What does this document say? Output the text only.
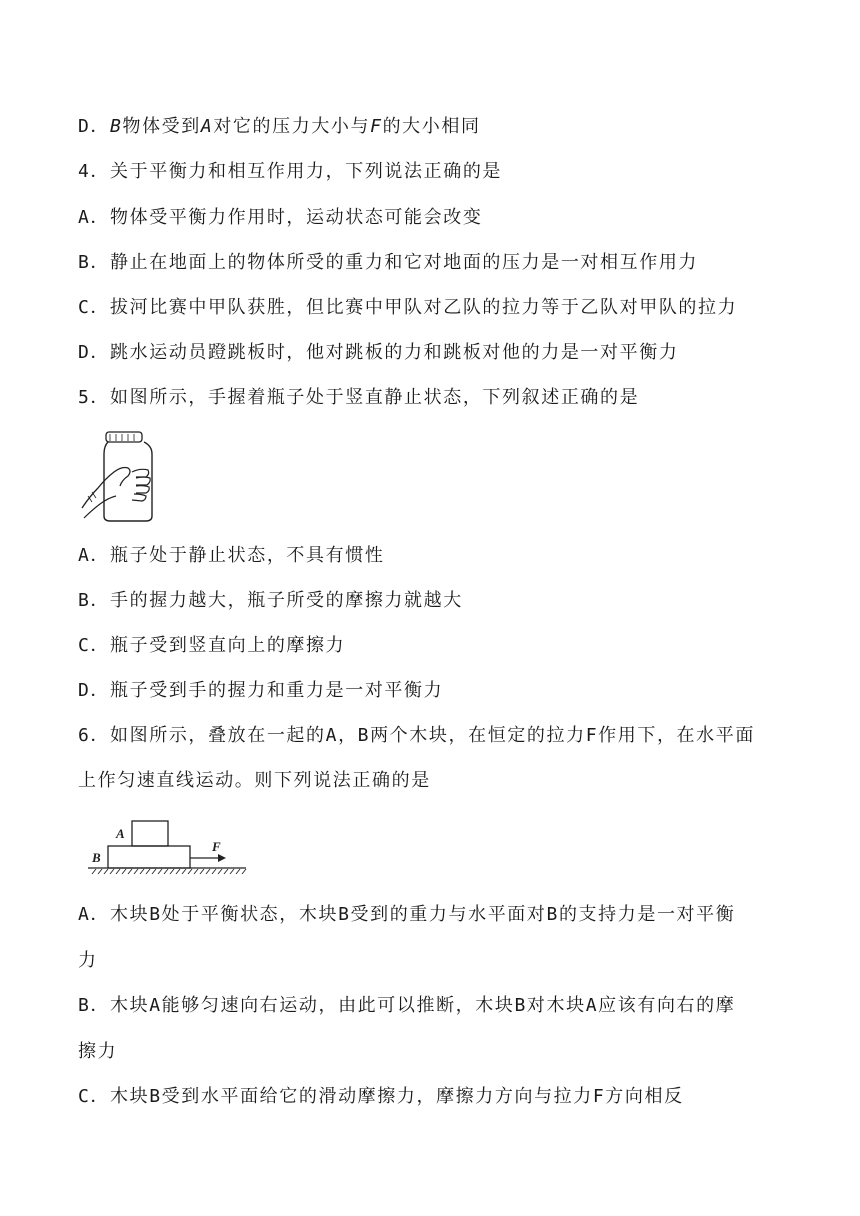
D．B物体受到A对它的压力大小与F的大小相同
4．关于平衡力和相互作用力，下列说法正确的是
A．物体受平衡力作用时，运动状态可能会改变
B．静止在地面上的物体所受的重力和它对地面的压力是一对相互作用力
C．拔河比赛中甲队获胜，但比赛中甲队对乙队的拉力等于乙队对甲队的拉力
D．跳水运动员蹬跳板时，他对跳板的力和跳板对他的力是一对平衡力
5．如图所示，手握着瓶子处于竖直静止状态，下列叙述正确的是
A．瓶子处于静止状态，不具有惯性
B．手的握力越大，瓶子所受的摩擦力就越大
C．瓶子受到竖直向上的摩擦力
D．瓶子受到手的握力和重力是一对平衡力
6．如图所示，叠放在一起的A，B两个木块，在恒定的拉力F作用下，在水平面
上作匀速直线运动。则下列说法正确的是
A
B
F
A．木块B处于平衡状态，木块B受到的重力与水平面对B的支持力是一对平衡
力
B．木块A能够匀速向右运动，由此可以推断，木块B对木块A应该有向右的摩
擦力
C．木块B受到水平面给它的滑动摩擦力，摩擦力方向与拉力F方向相反
